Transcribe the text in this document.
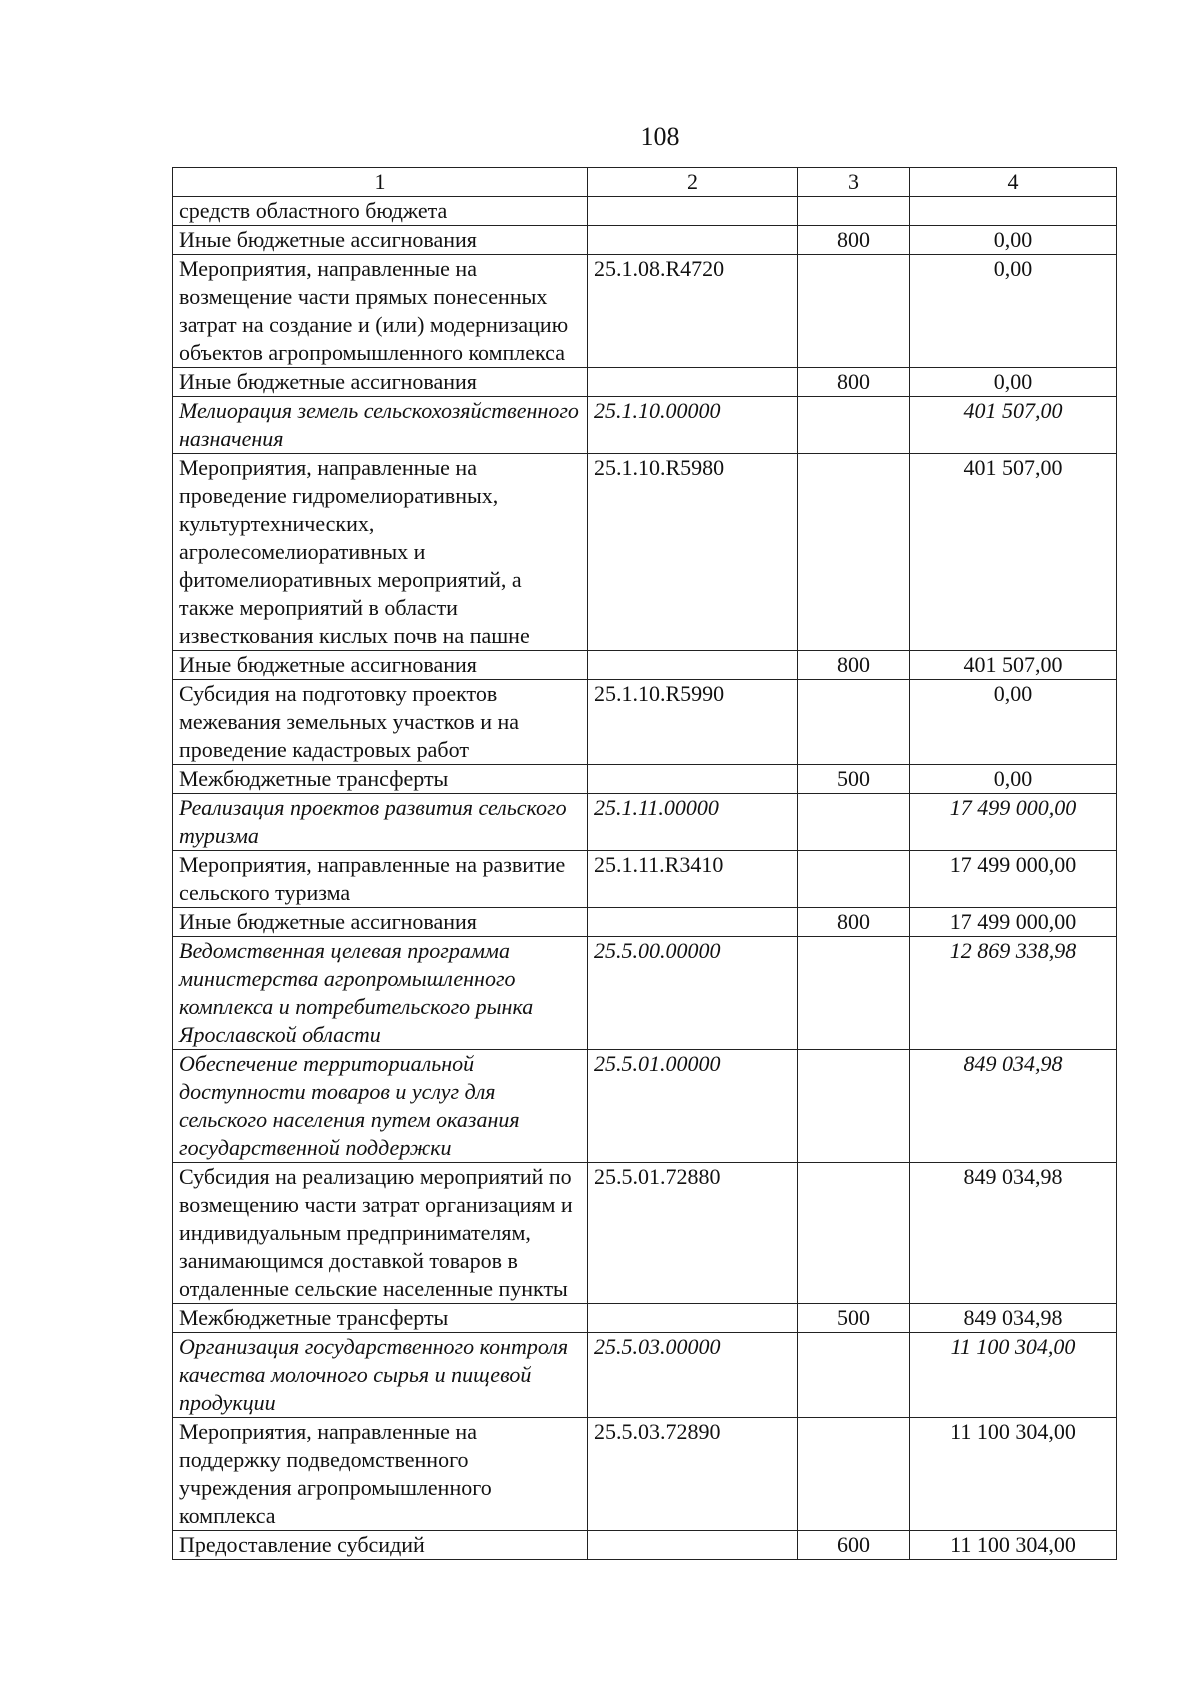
108
1	2	3	4
средств областного бюджета			
Иные бюджетные ассигнования		800	0,00
Мероприятия, направленные на возмещение части прямых понесенных затрат на создание и (или) модернизацию объектов агропромышленного комплекса	25.1.08.R4720		0,00
Иные бюджетные ассигнования		800	0,00
Мелиорация земель сельскохозяйственного назначения	25.1.10.00000		401 507,00
Мероприятия, направленные на проведение гидромелиоративных, культуртехнических, агролесомелиоративных и фитомелиоративных мероприятий, а также мероприятий в области известкования кислых почв на пашне	25.1.10.R5980		401 507,00
Иные бюджетные ассигнования		800	401 507,00
Субсидия на подготовку проектов межевания земельных участков и на проведение кадастровых работ	25.1.10.R5990		0,00
Межбюджетные трансферты		500	0,00
Реализация проектов развития сельского туризма	25.1.11.00000		17 499 000,00
Мероприятия, направленные на развитие сельского туризма	25.1.11.R3410		17 499 000,00
Иные бюджетные ассигнования		800	17 499 000,00
Ведомственная целевая программа министерства агропромышленного комплекса и потребительского рынка Ярославской области	25.5.00.00000		12 869 338,98
Обеспечение территориальной доступности товаров и услуг для сельского населения путем оказания государственной поддержки	25.5.01.00000		849 034,98
Субсидия на реализацию мероприятий по возмещению части затрат организациям и индивидуальным предпринимателям, занимающимся доставкой товаров в отдаленные сельские населенные пункты	25.5.01.72880		849 034,98
Межбюджетные трансферты		500	849 034,98
Организация государственного контроля качества молочного сырья и пищевой продукции	25.5.03.00000		11 100 304,00
Мероприятия, направленные на поддержку подведомственного учреждения агропромышленного комплекса	25.5.03.72890		11 100 304,00
Предоставление субсидий		600	11 100 304,00
